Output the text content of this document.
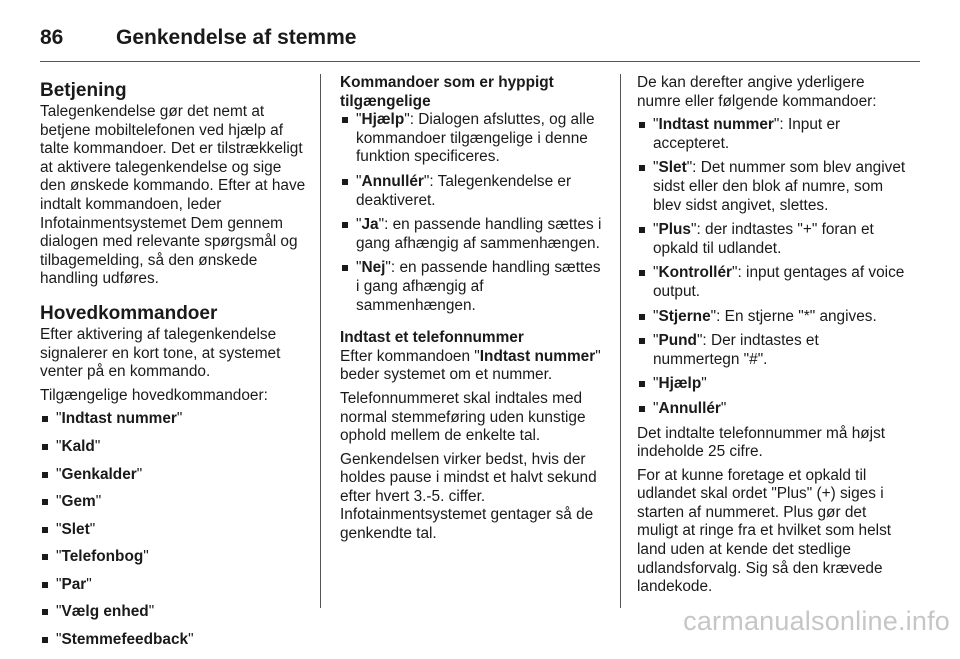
86	Genkendelse af stemme
Betjening

Talegenkendelse gør det nemt at betjene mobiltelefonen ved hjælp af talte kommandoer. Det er tilstrækkeligt at aktivere talegenkendelse og sige den ønskede kommando. Efter at have indtalt kommandoen, leder Infotainmentsystemet Dem gennem dialogen med relevante spørgsmål og tilbagemelding, så den ønskede handling udføres.

Hovedkommandoer

Efter aktivering af talegenkendelse signalerer en kort tone, at systemet venter på en kommando.

Tilgængelige hovedkommandoer:

"Indtast nummer"
"Kald"
"Genkalder"
"Gem"
"Slet"
"Telefonbog"
"Par"
"Vælg enhed"
"Stemmefeedback"
Kommandoer som er hyppigt tilgængelige
"Hjælp": Dialogen afsluttes, og alle kommandoer tilgængelige i denne funktion specificeres.
"Annullér": Talegenkendelse er deaktiveret.
"Ja": en passende handling sættes i gang afhængig af sammenhængen.
"Nej": en passende handling sættes i gang afhængig af sammenhængen.
Indtast et telefonnummer

Efter kommandoen "Indtast nummer" beder systemet om et nummer.

Telefonnummeret skal indtales med normal stemmeføring uden kunstige ophold mellem de enkelte tal.

Genkendelsen virker bedst, hvis der holdes pause i mindst et halvt sekund efter hvert 3.-5. ciffer. Infotainmentsystemet gentager så de genkendte tal.

De kan derefter angive yderligere numre eller følgende kommandoer:

"Indtast nummer": Input er accepteret.
"Slet": Det nummer som blev angivet sidst eller den blok af numre, som blev sidst angivet, slettes.
"Plus": der indtastes "+" foran et opkald til udlandet.
"Kontrollér": input gentages af voice output.
"Stjerne": En stjerne "*" angives.
"Pund": Der indtastes et nummertegn "#".
"Hjælp"
"Annullér"

Det indtalte telefonnummer må højst indeholde 25 cifre.

For at kunne foretage et opkald til udlandet skal ordet "Plus" (+) siges i starten af nummeret. Plus gør det muligt at ringe fra et hvilket som helst land uden at kende det stedlige udlandsforvalg. Sig så den krævede landekode.

carmanualsonline.info
